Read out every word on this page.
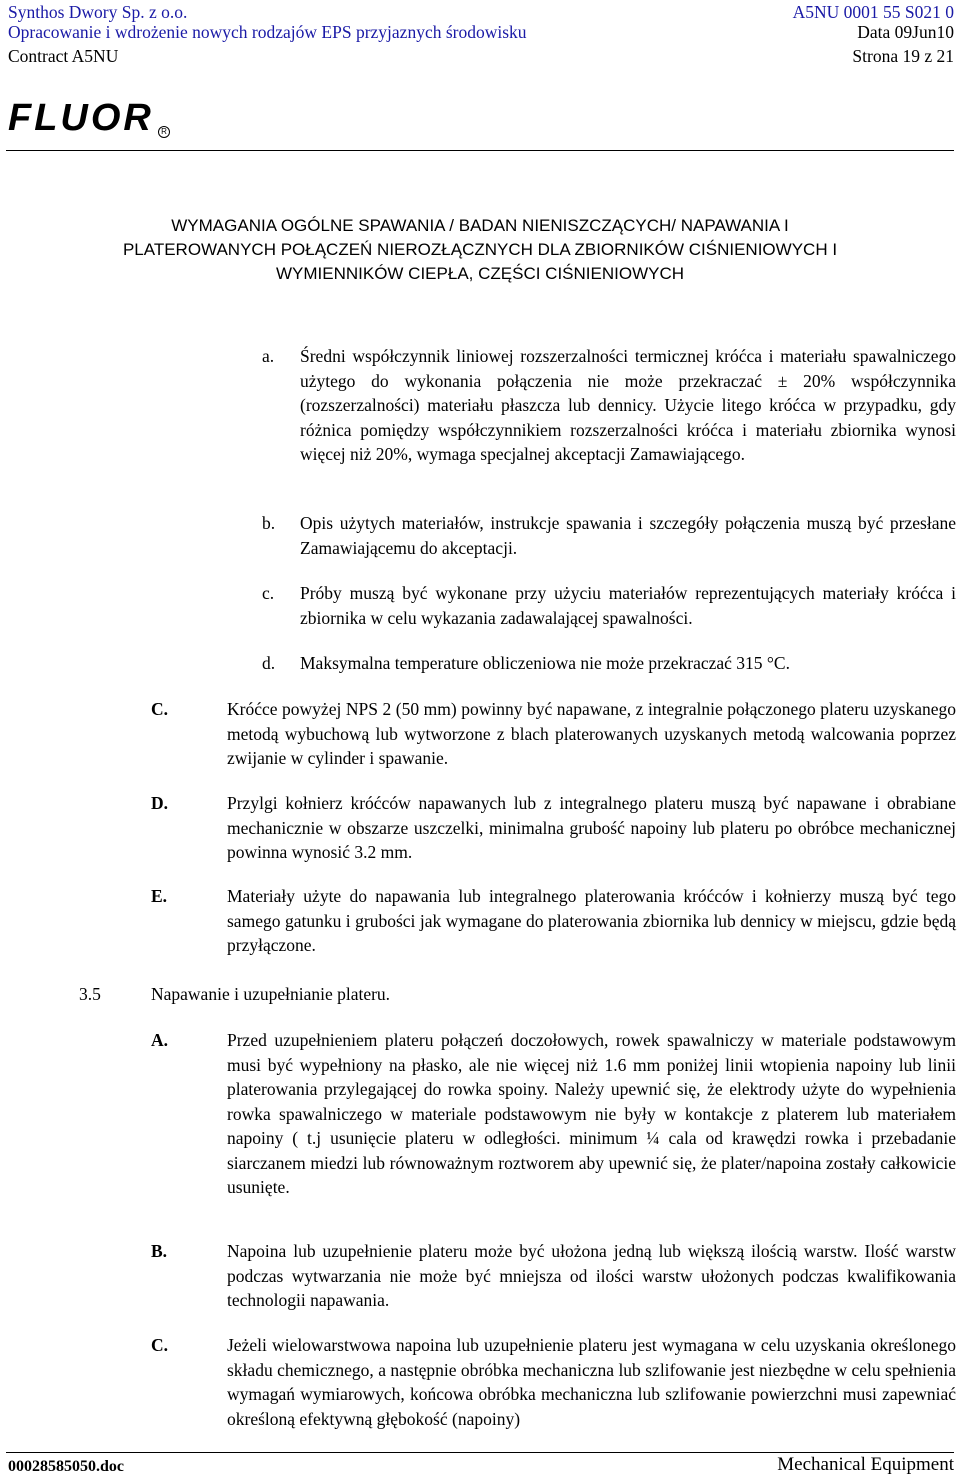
Synthos Dwory Sp. z o.o.	A5NU 0001 55 S021 0
Opracowanie i wdrożenie nowych rodzajów EPS przyjaznych środowisku	Data 09Jun10
Contract A5NU	Strona 19 z 21
FLUOR R
WYMAGANIA OGÓLNE SPAWANIA / BADAN NIENISZCZĄCYCH/ NAPAWANIA I
PLATEROWANYCH POŁĄCZEŃ NIEROZŁĄCZNYCH DLA ZBIORNIKÓW CIŚNIENIOWYCH I
WYMIENNIKÓW CIEPŁA, CZĘŚCI CIŚNIENIOWYCH
a. Średni współczynnik liniowej rozszerzalności termicznej króćca i materiału spawalniczego użytego do wykonania połączenia nie może przekraczać ± 20% współczynnika (rozszerzalności) materiału płaszcza lub dennicy. Użycie litego króćca w przypadku, gdy różnica pomiędzy współczynnikiem rozszerzalności króćca i materiału zbiornika wynosi więcej niż 20%, wymaga specjalnej akceptacji Zamawiającego.
b. Opis użytych materiałów, instrukcje spawania i szczegóły połączenia muszą być przesłane Zamawiającemu do akceptacji.
c. Próby muszą być wykonane przy użyciu materiałów reprezentujących materiały króćca i zbiornika w celu wykazania zadawalającej spawalności.
d. Maksymalna temperature obliczeniowa nie może przekraczać 315 °C.
C.	Króćce powyżej NPS 2 (50 mm) powinny być napawane, z integralnie połączonego plateru uzyskanego metodą wybuchową lub wytworzone z blach platerowanych uzyskanych metodą walcowania poprzez zwijanie w cylinder i spawanie.
D.	Przylgi kołnierz króćców napawanych lub z integralnego plateru muszą być napawane i obrabiane mechanicznie w obszarze uszczelki, minimalna grubość napoiny lub plateru po obróbce mechanicznej powinna wynosić 3.2 mm.
E.	Materiały użyte do napawania lub integralnego platerowania króćców i kołnierzy muszą być tego samego gatunku i grubości jak wymagane do platerowania zbiornika lub dennicy w miejscu, gdzie będą przyłączone.
3.5	Napawanie i uzupełnianie plateru.
A.	Przed uzupełnieniem plateru połączeń doczołowych, rowek spawalniczy w materiale podstawowym musi być wypełniony na płasko, ale nie więcej niż 1.6 mm poniżej linii wtopienia napoiny lub linii platerowania przylegającej do rowka spoiny. Należy upewnić się, że elektrody użyte do wypełnienia rowka spawalniczego w materiale podstawowym nie były w kontakcje z platerem lub materiałem napoiny ( t.j usunięcie plateru w odległości. minimum ¼ cala od krawędzi rowka i przebadanie siarczanem miedzi lub równoważnym roztworem aby upewnić się, że plater/napoina zostały całkowicie usunięte.
B.	Napoina lub uzupełnienie plateru może być ułożona jedną lub większą ilością warstw. Ilość warstw podczas wytwarzania nie może być mniejsza od ilości warstw ułożonych podczas kwalifikowania technologii napawania.
C.	Jeżeli wielowarstwowa napoina lub uzupełnienie plateru jest wymagana w celu uzyskania określonego składu chemicznego, a następnie obróbka mechaniczna lub szlifowanie jest niezbędne w celu spełnienia wymagań wymiarowych, końcowa obróbka mechaniczna lub szlifowanie powierzchni musi zapewniać określoną efektywną głębokość (napoiny)
00028585050.doc	Mechanical Equipment
